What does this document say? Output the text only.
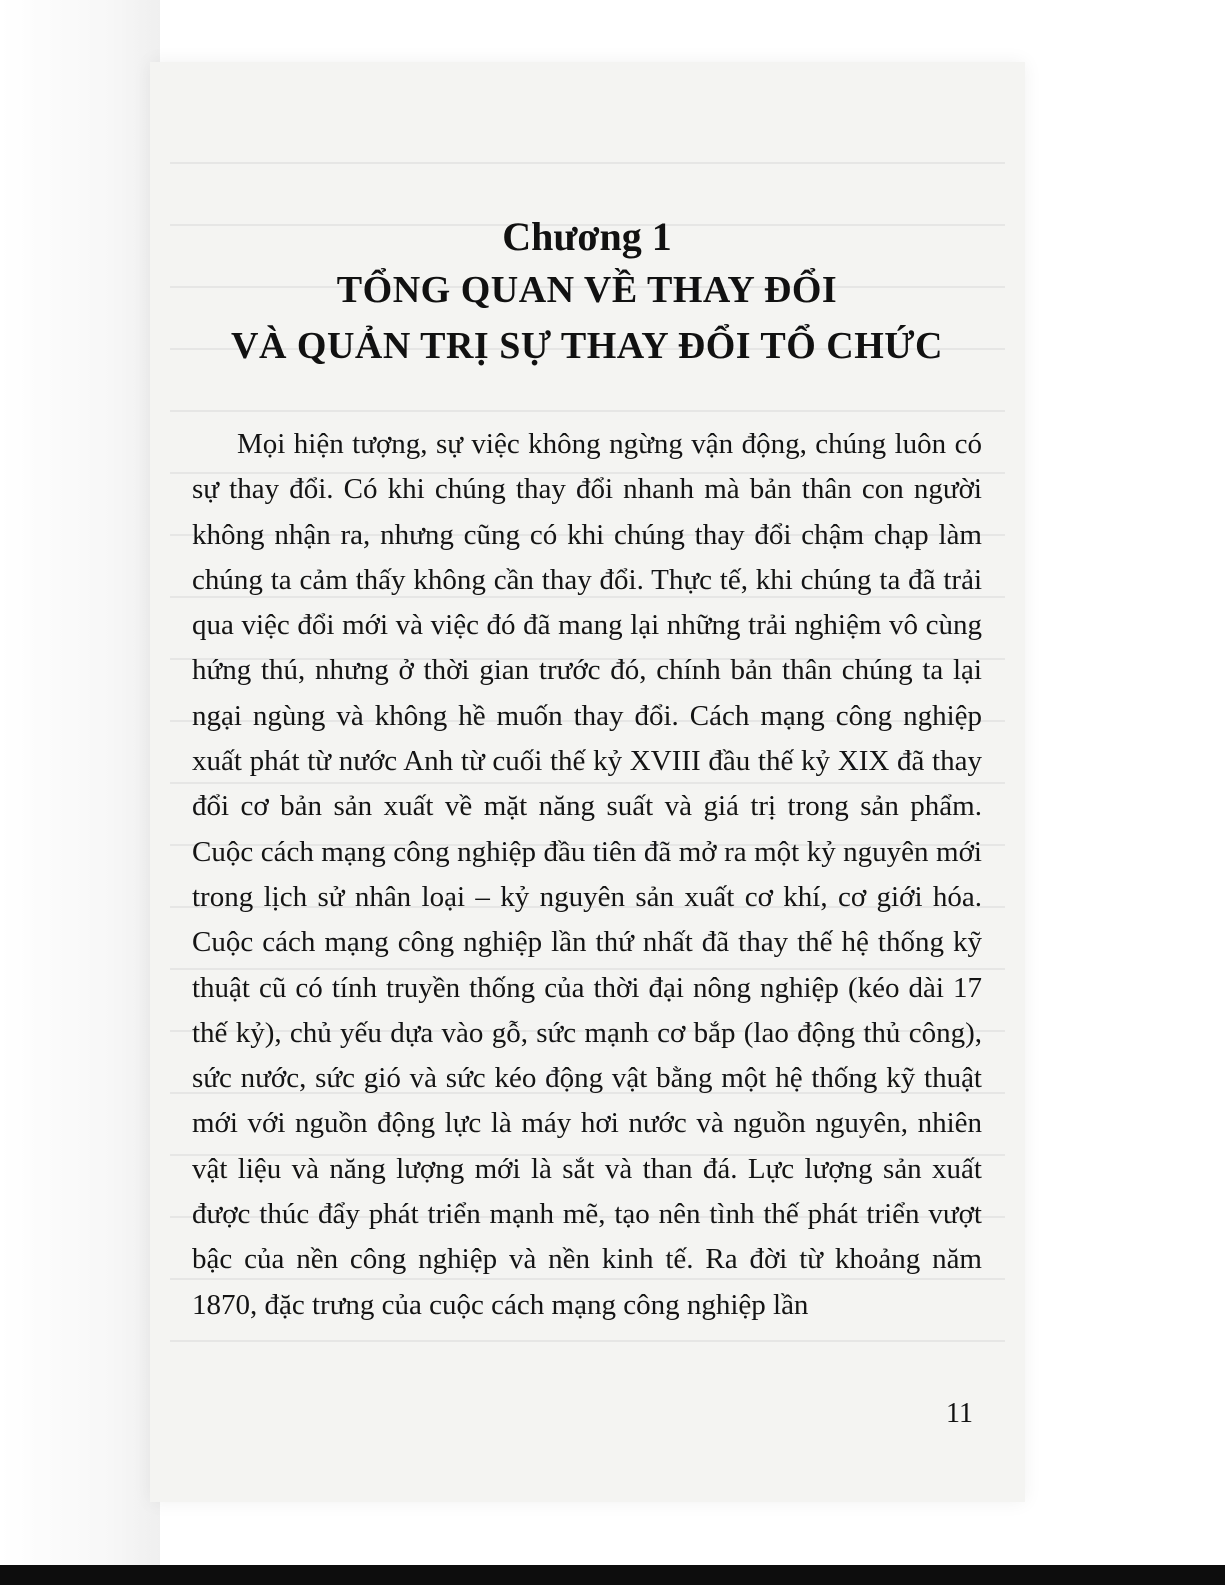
Chương 1

TỔNG QUAN VỀ THAY ĐỔI

VÀ QUẢN TRỊ SỰ THAY ĐỔI TỔ CHỨC

Mọi hiện tượng, sự việc không ngừng vận động, chúng luôn có sự thay đổi. Có khi chúng thay đổi nhanh mà bản thân con người không nhận ra, nhưng cũng có khi chúng thay đổi chậm chạp làm chúng ta cảm thấy không cần thay đổi. Thực tế, khi chúng ta đã trải qua việc đổi mới và việc đó đã mang lại những trải nghiệm vô cùng hứng thú, nhưng ở thời gian trước đó, chính bản thân chúng ta lại ngại ngùng và không hề muốn thay đổi. Cách mạng công nghiệp xuất phát từ nước Anh từ cuối thế kỷ XVIII đầu thế kỷ XIX đã thay đổi cơ bản sản xuất về mặt năng suất và giá trị trong sản phẩm. Cuộc cách mạng công nghiệp đầu tiên đã mở ra một kỷ nguyên mới trong lịch sử nhân loại – kỷ nguyên sản xuất cơ khí, cơ giới hóa. Cuộc cách mạng công nghiệp lần thứ nhất đã thay thế hệ thống kỹ thuật cũ có tính truyền thống của thời đại nông nghiệp (kéo dài 17 thế kỷ), chủ yếu dựa vào gỗ, sức mạnh cơ bắp (lao động thủ công), sức nước, sức gió và sức kéo động vật bằng một hệ thống kỹ thuật mới với nguồn động lực là máy hơi nước và nguồn nguyên, nhiên vật liệu và năng lượng mới là sắt và than đá. Lực lượng sản xuất được thúc đẩy phát triển mạnh mẽ, tạo nên tình thế phát triển vượt bậc của nền công nghiệp và nền kinh tế. Ra đời từ khoảng năm 1870, đặc trưng của cuộc cách mạng công nghiệp lần

11
